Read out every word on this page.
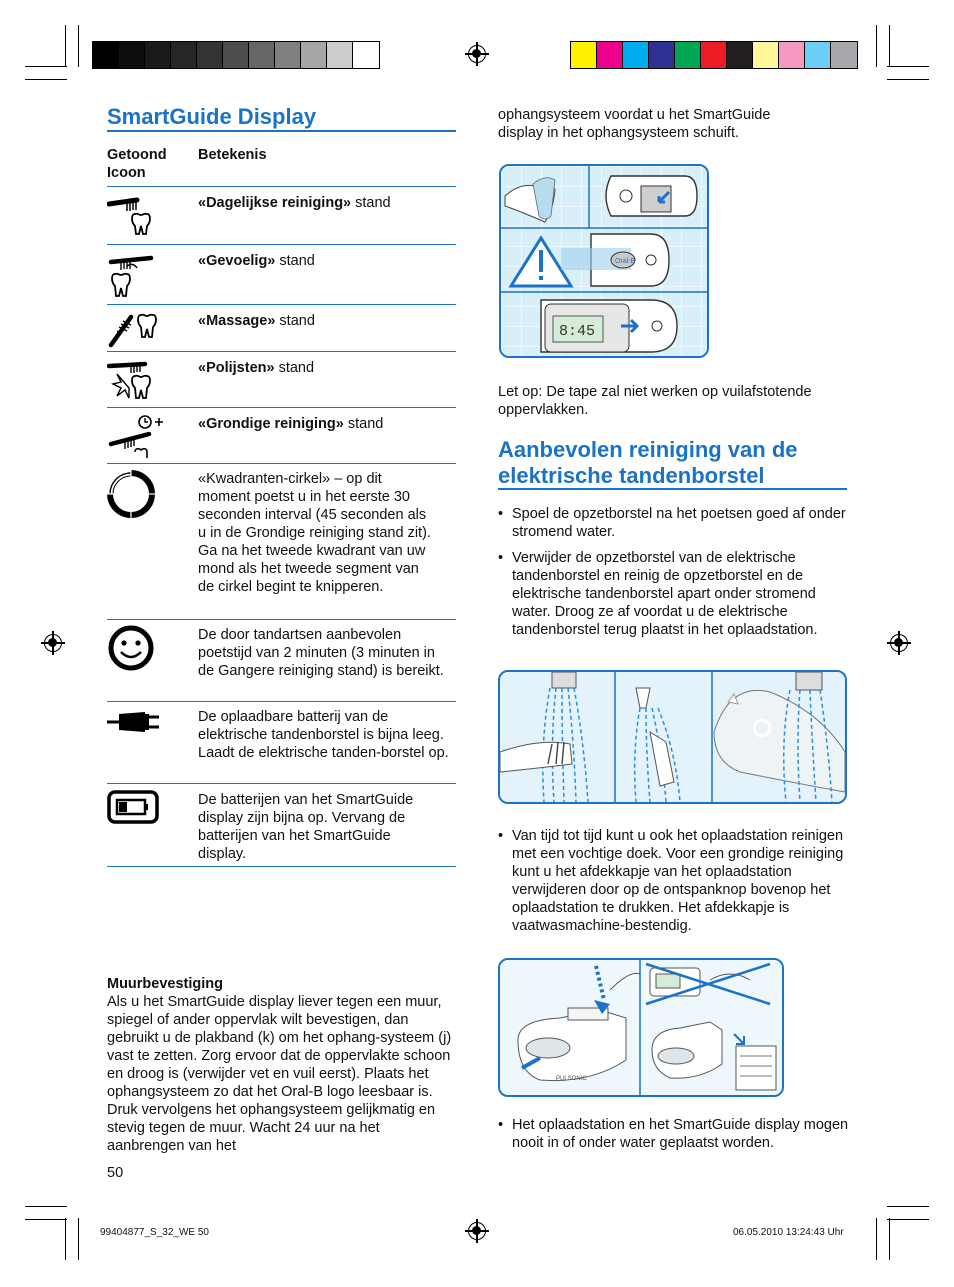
SmartGuide Display
Getoond Icoon
Betekenis
«Dagelijkse reiniging» stand
«Gevoelig» stand
«Massage» stand
«Polijsten» stand
«Grondige reiniging» stand
«Kwadranten-cirkel» – op dit moment poetst u in het eerste 30 seconden interval (45 seconden als u in de Grondige reiniging stand zit). Ga na het tweede kwadrant van uw mond als het tweede segment van de cirkel begint te knipperen.
De door tandartsen aanbevolen poetstijd van 2 minuten (3 minuten in de Gangere reiniging stand) is bereikt.
De oplaadbare batterij van de elektrische tandenborstel is bijna leeg. Laadt de elektrische tanden-borstel op.
De batterijen van het SmartGuide display zijn bijna op. Vervang de batterijen van het SmartGuide display.
Muurbevestiging
Als u het SmartGuide display liever tegen een muur, spiegel of ander oppervlak wilt bevestigen, dan gebruikt u de plakband (k) om het ophang-systeem (j) vast te zetten. Zorg ervoor dat de oppervlakte schoon en droog is (verwijder vet en vuil eerst). Plaats het ophangsysteem zo dat het Oral-B logo leesbaar is. Druk vervolgens het ophangsysteem gelijkmatig en stevig tegen de muur. Wacht 24 uur na het aanbrengen van het
50
ophangsysteem voordat u het SmartGuide display in het ophangsysteem schuift.
Oral-B
8:45
Let op: De tape zal niet werken op vuilafstotende oppervlakken.
Aanbevolen reiniging van de elektrische tandenborstel
• Spoel de opzetborstel na het poetsen goed af onder stromend water.
• Verwijder de opzetborstel van de elektrische tandenborstel en reinig de opzetborstel en de elektrische tandenborstel apart onder stromend water. Droog ze af voordat u de elektrische tandenborstel terug plaatst in het oplaadstation.
• Van tijd tot tijd kunt u ook het oplaadstation reinigen met een vochtige doek. Voor een grondige reiniging kunt u het afdekkapje van het oplaadstation verwijderen door op de ontspanknop bovenop het oplaadstation te drukken. Het afdekkapje is vaatwasmachine-bestendig.
PULSONIC
• Het oplaadstation en het SmartGuide display mogen nooit in of onder water geplaatst worden.
99404877_S_32_WE 50	06.05.2010 13:24:43 Uhr
